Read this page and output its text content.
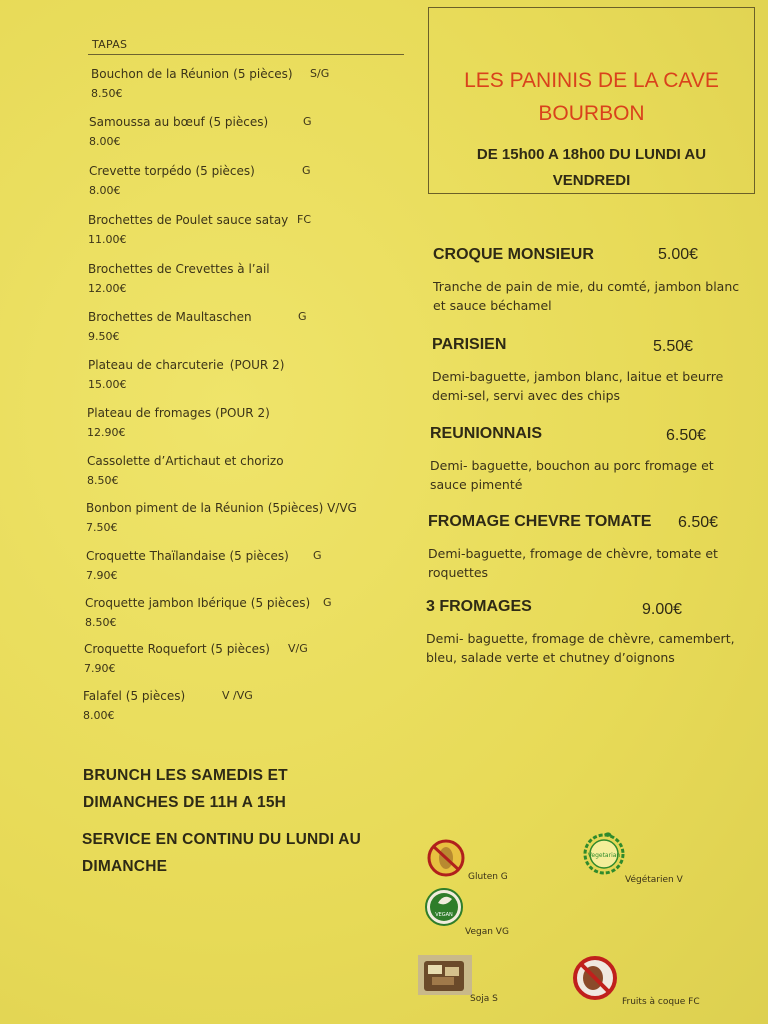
TAPAS
Bouchon de la Réunion (5 pièces) S/G
8.50€
Samoussa au bœuf (5 pièces)	G
8.00€
Crevette torpédo (5 pièces)	G
8.00€
Brochettes de Poulet sauce satay FC
11.00€
Brochettes de Crevettes à l’ail
12.00€
Brochettes de Maultaschen	G
9.50€
Plateau de charcuterie (POUR 2)
15.00€
Plateau de fromages (POUR 2)
12.90€
Cassolette d’Artichaut et chorizo
8.50€
Bonbon piment de la Réunion (5pièces) V/VG
7.50€
Croquette Thaïlandaise (5 pièces) G
7.90€
Croquette jambon Ibérique (5 pièces) G
8.50€
Croquette Roquefort (5 pièces) V/G
7.90€
Falafel (5 pièces)	V /VG
8.00€
BRUNCH LES SAMEDIS ET
DIMANCHES DE 11H A 15H
SERVICE EN CONTINU DU LUNDI AU
DIMANCHE
LES PANINIS DE LA CAVE
BOURBON
DE 15h00 A 18h00 DU LUNDI AU
VENDREDI
CROQUE MONSIEUR	5.00€
Tranche de pain de mie, du comté, jambon blanc
et sauce béchamel
PARISIEN	5.50€
Demi-baguette, jambon blanc, laitue et beurre
demi-sel, servi avec des chips
REUNIONNAIS	6.50€
Demi- baguette, bouchon au porc fromage et
sauce pimenté
FROMAGE CHEVRE TOMATE	6.50€
Demi-baguette, fromage de chèvre, tomate et
roquettes
3 FROMAGES	9.00€
Demi- baguette, fromage de chèvre, camembert,
bleu, salade verte et chutney d’oignons
Gluten G
Vegetarian
Végétarien V
VEGAN
Vegan VG
Soja S	Fruits à coque FC
